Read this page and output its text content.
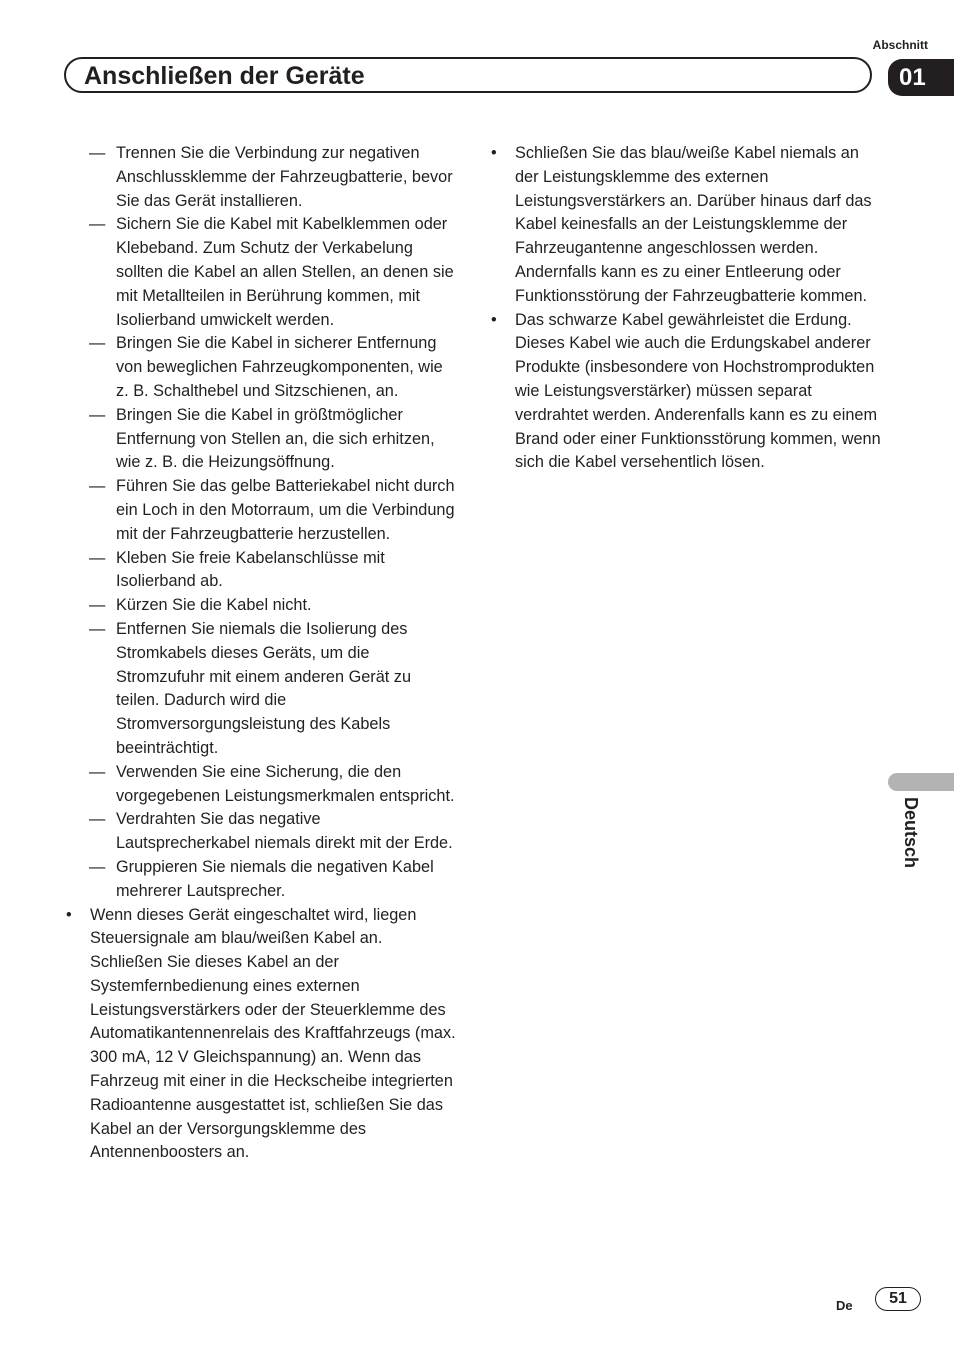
Abschnitt
Anschließen der Geräte	01
Deutsch
— Trennen Sie die Verbindung zur negativen Anschlussklemme der Fahrzeugbatterie, bevor Sie das Gerät installieren.
— Sichern Sie die Kabel mit Kabelklemmen oder Klebeband. Zum Schutz der Verkabelung sollten die Kabel an allen Stellen, an denen sie mit Metallteilen in Berührung kommen, mit Isolierband umwickelt werden.
— Bringen Sie die Kabel in sicherer Entfernung von beweglichen Fahrzeugkomponenten, wie z. B. Schalthebel und Sitzschienen, an.
— Bringen Sie die Kabel in größtmöglicher Entfernung von Stellen an, die sich erhitzen, wie z. B. die Heizungsöffnung.
— Führen Sie das gelbe Batteriekabel nicht durch ein Loch in den Motorraum, um die Verbindung mit der Fahrzeugbatterie herzustellen.
— Kleben Sie freie Kabelanschlüsse mit Isolierband ab.
— Kürzen Sie die Kabel nicht.
— Entfernen Sie niemals die Isolierung des Stromkabels dieses Geräts, um die Stromzufuhr mit einem anderen Gerät zu teilen. Dadurch wird die Stromversorgungsleistung des Kabels beeinträchtigt.
— Verwenden Sie eine Sicherung, die den vorgegebenen Leistungsmerkmalen entspricht.
— Verdrahten Sie das negative Lautsprecherkabel niemals direkt mit der Erde.
— Gruppieren Sie niemals die negativen Kabel mehrerer Lautsprecher.
• Wenn dieses Gerät eingeschaltet wird, liegen Steuersignale am blau/weißen Kabel an. Schließen Sie dieses Kabel an der Systemfernbedienung eines externen Leistungsverstärkers oder der Steuerklemme des Automatikantennenrelais des Kraftfahrzeugs (max. 300 mA, 12 V Gleichspannung) an. Wenn das Fahrzeug mit einer in die Heckscheibe integrierten Radioantenne ausgestattet ist, schließen Sie das Kabel an der Versorgungsklemme des Antennenboosters an.
• Schließen Sie das blau/weiße Kabel niemals an der Leistungsklemme des externen Leistungsverstärkers an. Darüber hinaus darf das Kabel keinesfalls an der Leistungsklemme der Fahrzeugantenne angeschlossen werden. Andernfalls kann es zu einer Entleerung oder Funktionsstörung der Fahrzeugbatterie kommen.
• Das schwarze Kabel gewährleistet die Erdung. Dieses Kabel wie auch die Erdungskabel anderer Produkte (insbesondere von Hochstromprodukten wie Leistungsverstärker) müssen separat verdrahtet werden. Anderenfalls kann es zu einem Brand oder einer Funktionsstörung kommen, wenn sich die Kabel versehentlich lösen.
De	51
